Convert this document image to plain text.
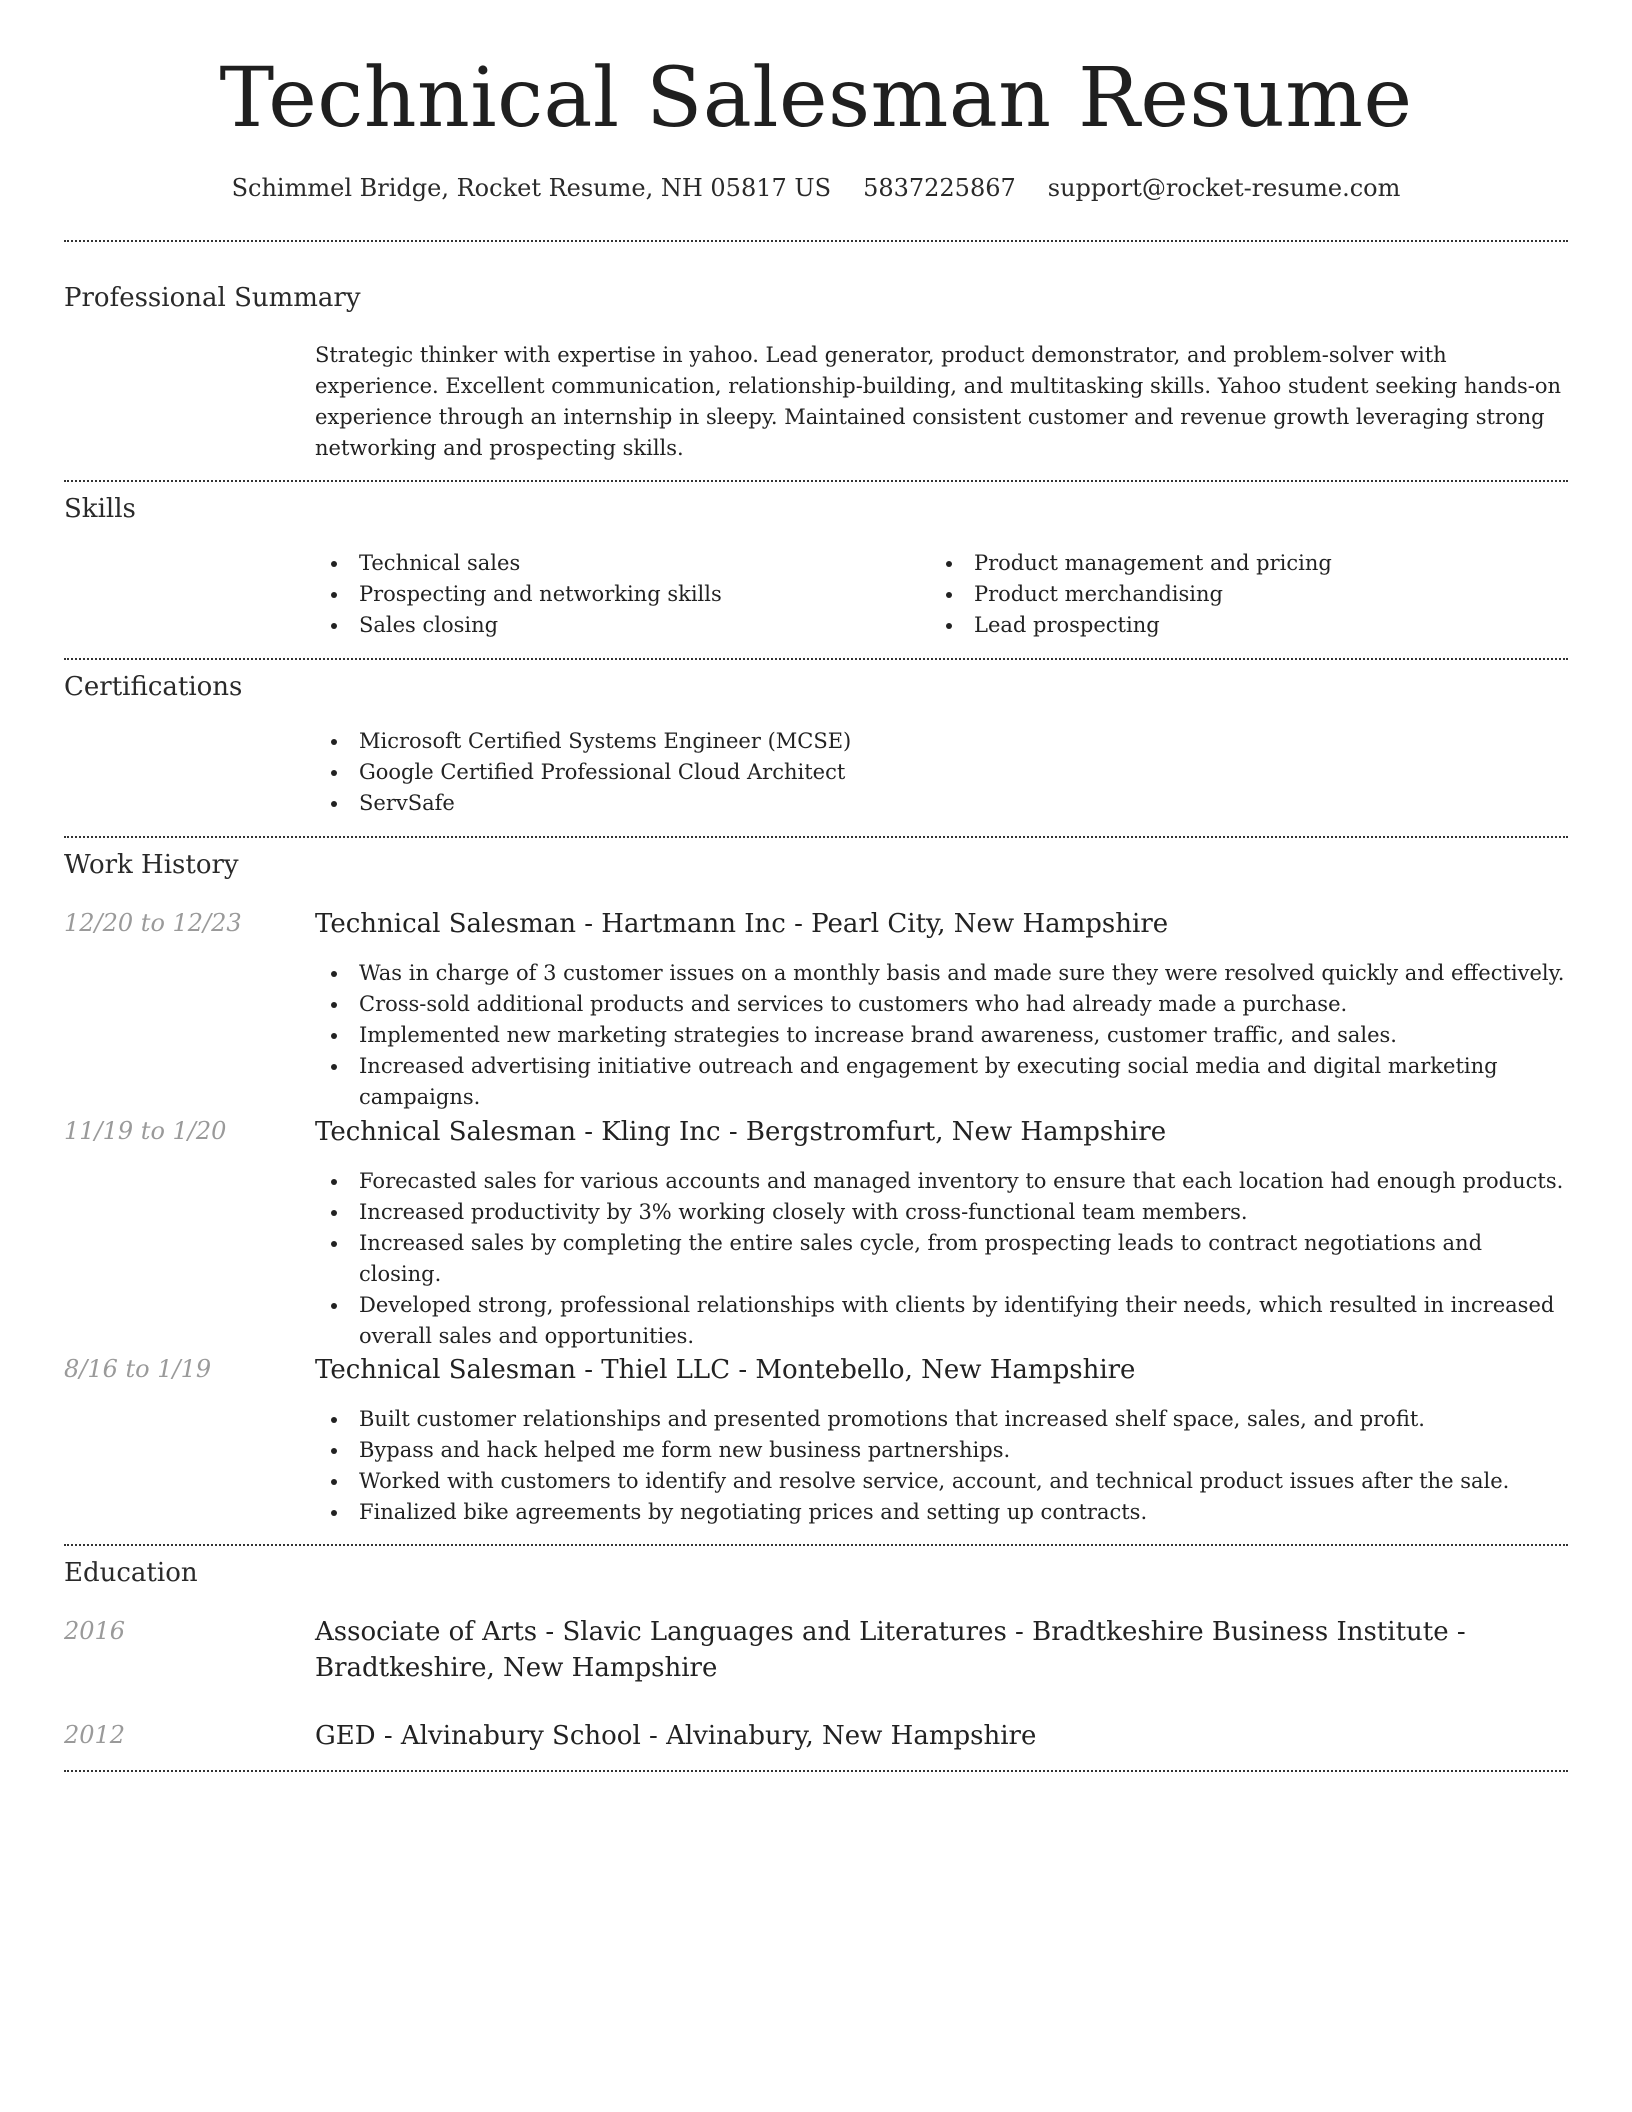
Technical Salesman Resume
Schimmel Bridge, Rocket Resume, NH 05817 US 5837225867 support@rocket-resume.com
Professional Summary

Strategic thinker with expertise in yahoo. Lead generator, product demonstrator, and problem-solver with experience. Excellent communication, relationship-building, and multitasking skills. Yahoo student seeking hands-on experience through an internship in sleepy. Maintained consistent customer and revenue growth leveraging strong networking and prospecting skills.

Skills
Technical sales
Prospecting and networking skills
Sales closing
Product management and pricing
Product merchandising
Lead prospecting
Certifications
Microsoft Certified Systems Engineer (MCSE)
Google Certified Professional Cloud Architect
ServSafe
Work History
12/20 to 12/23	Technical Salesman - Hartmann Inc - Pearl City, New Hampshire
Was in charge of 3 customer issues on a monthly basis and made sure they were resolved quickly and effectively.
Cross-sold additional products and services to customers who had already made a purchase.
Implemented new marketing strategies to increase brand awareness, customer traffic, and sales.
Increased advertising initiative outreach and engagement by executing social media and digital marketing campaigns.
11/19 to 1/20	Technical Salesman - Kling Inc - Bergstromfurt, New Hampshire
Forecasted sales for various accounts and managed inventory to ensure that each location had enough products.
Increased productivity by 3% working closely with cross-functional team members.
Increased sales by completing the entire sales cycle, from prospecting leads to contract negotiations and closing.
Developed strong, professional relationships with clients by identifying their needs, which resulted in increased overall sales and opportunities.
8/16 to 1/19	Technical Salesman - Thiel LLC - Montebello, New Hampshire
Built customer relationships and presented promotions that increased shelf space, sales, and profit.
Bypass and hack helped me form new business partnerships.
Worked with customers to identify and resolve service, account, and technical product issues after the sale.
Finalized bike agreements by negotiating prices and setting up contracts.
Education
2016	Associate of Arts - Slavic Languages and Literatures - Bradtkeshire Business Institute - Bradtkeshire, New Hampshire
2012	GED - Alvinabury School - Alvinabury, New Hampshire
